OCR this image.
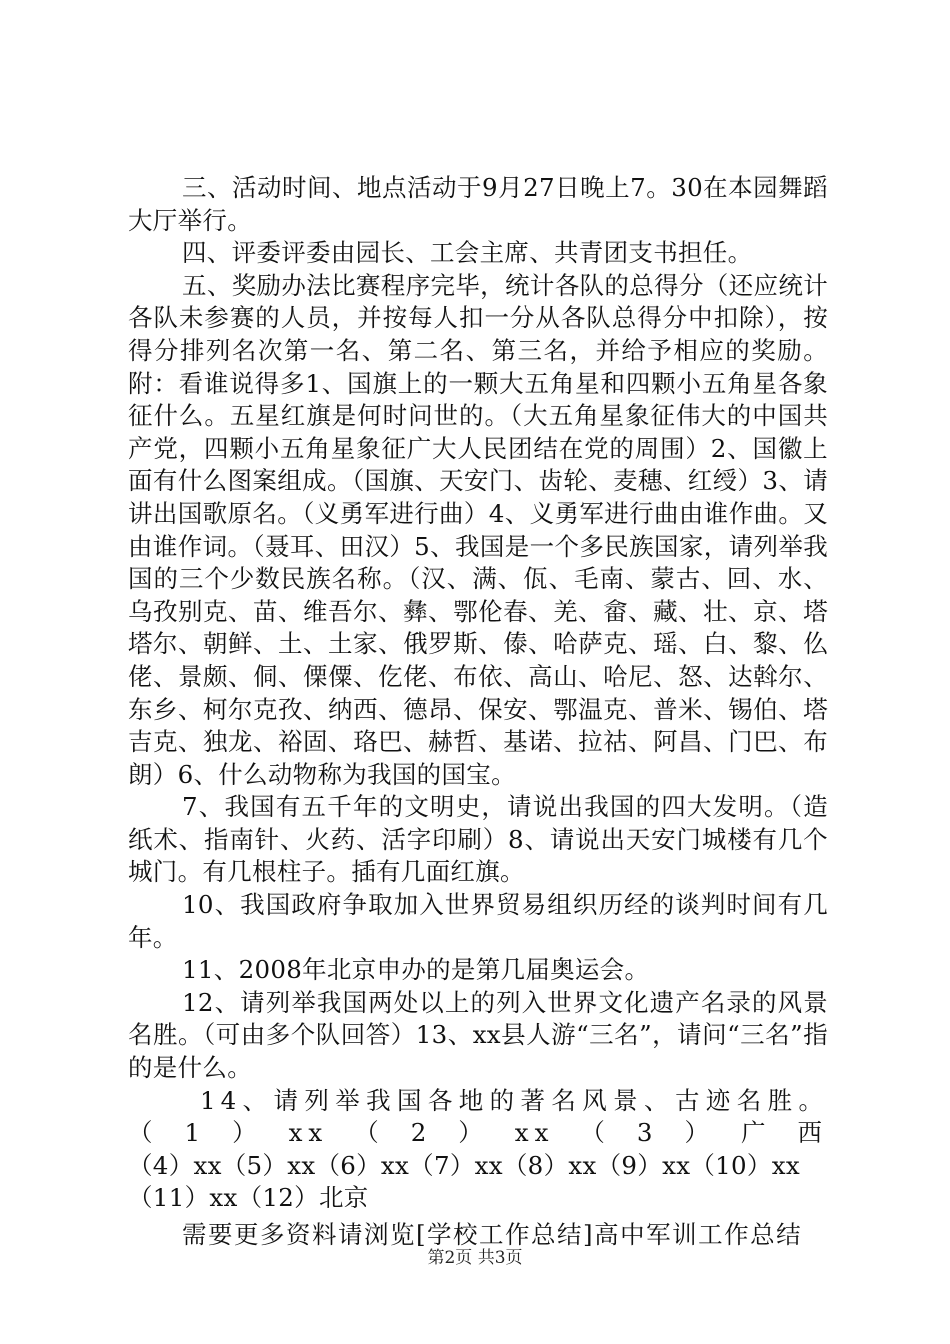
三、活动时间、地点活动于9月27日晚上7。30在本园舞蹈大厅举行。

四、评委评委由园长、工会主席、共青团支书担任。

五、奖励办法比赛程序完毕，统计各队的总得分（还应统计各队未参赛的人员，并按每人扣一分从各队总得分中扣除），按得分排列名次第一名、第二名、第三名，并给予相应的奖励。附：看谁说得多1、国旗上的一颗大五角星和四颗小五角星各象征什么。五星红旗是何时问世的。（大五角星象征伟大的中国共产党，四颗小五角星象征广大人民团结在党的周围）2、国徽上面有什么图案组成。（国旗、天安门、齿轮、麦穗、红绶）3、请讲出国歌原名。（义勇军进行曲）4、义勇军进行曲由谁作曲。又由谁作词。（聂耳、田汉）5、我国是一个多民族国家，请列举我国的三个少数民族名称。（汉、满、佤、毛南、蒙古、回、水、乌孜别克、苗、维吾尔、彝、鄂伦春、羌、畲、藏、壮、京、塔塔尔、朝鲜、土、土家、俄罗斯、傣、哈萨克、瑶、白、黎、仫佬、景颇、侗、傈僳、仡佬、布依、高山、哈尼、怒、达斡尔、东乡、柯尔克孜、纳西、德昂、保安、鄂温克、普米、锡伯、塔吉克、独龙、裕固、珞巴、赫哲、基诺、拉祜、阿昌、门巴、布朗）6、什么动物称为我国的国宝。

7、我国有五千年的文明史，请说出我国的四大发明。（造纸术、指南针、火药、活字印刷）8、请说出天安门城楼有几个城门。有几根柱子。插有几面红旗。

10、我国政府争取加入世界贸易组织历经的谈判时间有几年。

11、2008年北京申办的是第几届奥运会。

12、请列举我国两处以上的列入世界文化遗产名录的风景名胜。（可由多个队回答）13、xx县人游“三名”，请问“三名”指的是什么。

14、请列举我国各地的著名风景、古迹名胜。

（1）xx（2）xx（3）广西

（4）xx（5）xx（6）xx（7）xx（8）xx（9）xx（10）xx（11）xx（12）北京

需要更多资料请浏览[学校工作总结]高中军训工作总结

第2页 共3页
